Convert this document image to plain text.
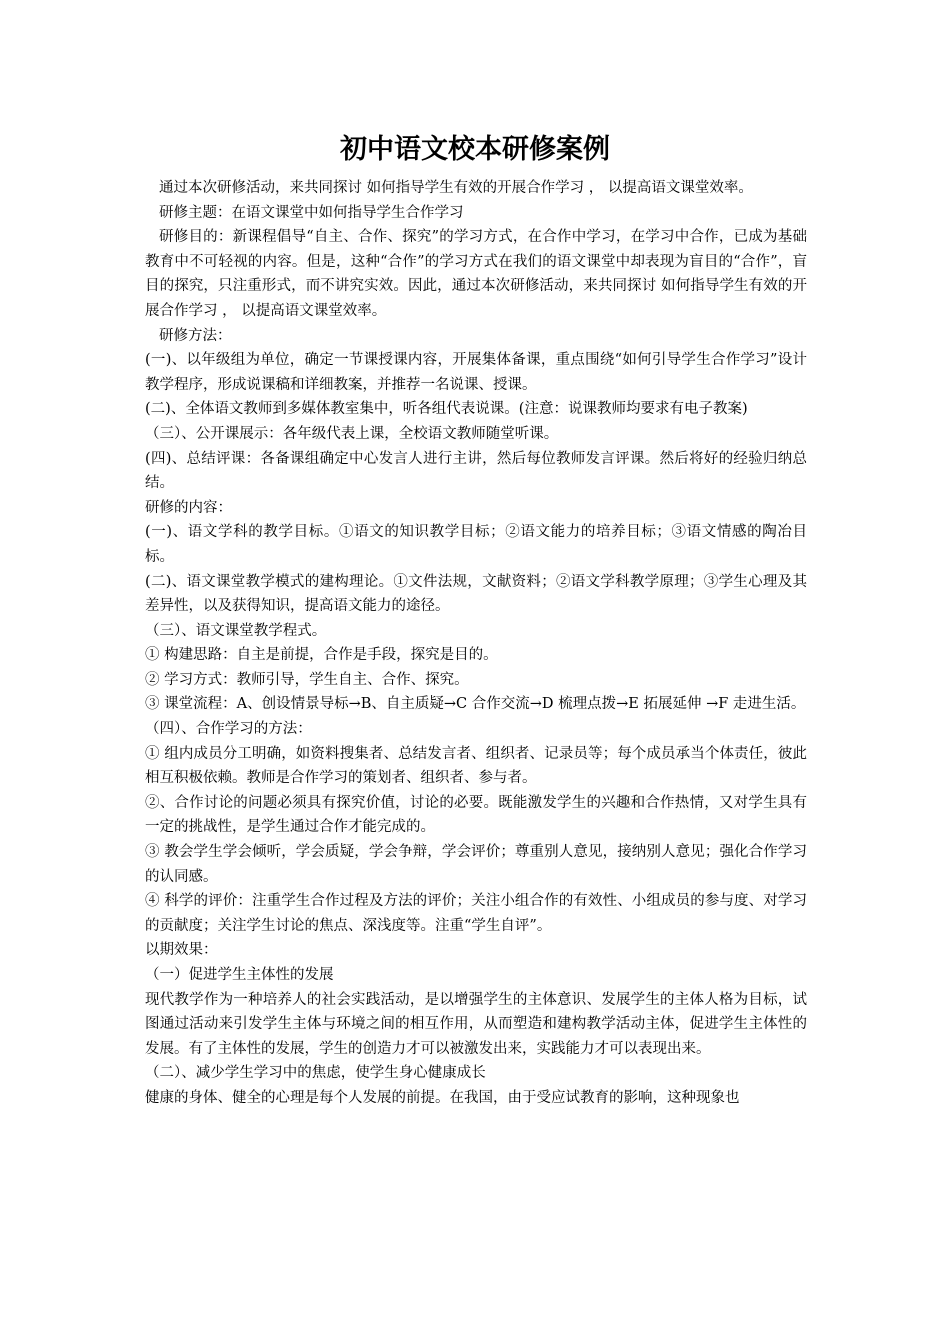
初中语文校本研修案例

通过本次研修活动，来共同探讨 如何指导学生有效的开展合作学习 ， 以提高语文课堂效率。

研修主题：在语文课堂中如何指导学生合作学习

研修目的：新课程倡导“自主、合作、探究”的学习方式，在合作中学习，在学习中合作，已成为基础教育中不可轻视的内容。但是，这种“合作”的学习方式在我们的语文课堂中却表现为盲目的“合作”，盲目的探究，只注重形式，而不讲究实效。因此，通过本次研修活动，来共同探讨 如何指导学生有效的开展合作学习 ， 以提高语文课堂效率。

研修方法：

(一)、以年级组为单位，确定一节课授课内容，开展集体备课，重点围绕“如何引导学生合作学习”设计教学程序，形成说课稿和详细教案，并推荐一名说课、授课。

(二)、全体语文教师到多媒体教室集中，听各组代表说课。(注意：说课教师均要求有电子教案)

（三）、公开课展示：各年级代表上课，全校语文教师随堂听课。

(四)、总结评课：各备课组确定中心发言人进行主讲，然后每位教师发言评课。然后将好的经验归纳总结。

研修的内容：

(一)、语文学科的教学目标。①语文的知识教学目标；②语文能力的培养目标；③语文情感的陶冶目标。

(二)、语文课堂教学模式的建构理论。①文件法规，文献资料；②语文学科教学原理；③学生心理及其差异性，以及获得知识，提高语文能力的途径。

（三）、语文课堂教学程式。

① 构建思路：自主是前提，合作是手段，探究是目的。

② 学习方式：教师引导，学生自主、合作、探究。

③ 课堂流程：A、创设情景导标→B、自主质疑→C 合作交流→D 梳理点拨→E 拓展延伸 →F 走进生活。

（四）、合作学习的方法：

① 组内成员分工明确，如资料搜集者、总结发言者、组织者、记录员等；每个成员承当个体责任，彼此相互积极依赖。教师是合作学习的策划者、组织者、参与者。

②、合作讨论的问题必须具有探究价值，讨论的必要。既能激发学生的兴趣和合作热情，又对学生具有一定的挑战性，是学生通过合作才能完成的。

③ 教会学生学会倾听，学会质疑，学会争辩，学会评价；尊重别人意见，接纳别人意见；强化合作学习的认同感。

④ 科学的评价：注重学生合作过程及方法的评价；关注小组合作的有效性、小组成员的参与度、对学习的贡献度；关注学生讨论的焦点、深浅度等。注重“学生自评”。

以期效果：

（一）促进学生主体性的发展

现代教学作为一种培养人的社会实践活动，是以增强学生的主体意识、发展学生的主体人格为目标，试图通过活动来引发学生主体与环境之间的相互作用，从而塑造和建构教学活动主体，促进学生主体性的发展。有了主体性的发展，学生的创造力才可以被激发出来，实践能力才可以表现出来。

（二）、减少学生学习中的焦虑，使学生身心健康成长

健康的身体、健全的心理是每个人发展的前提。在我国，由于受应试教育的影响，这种现象也
